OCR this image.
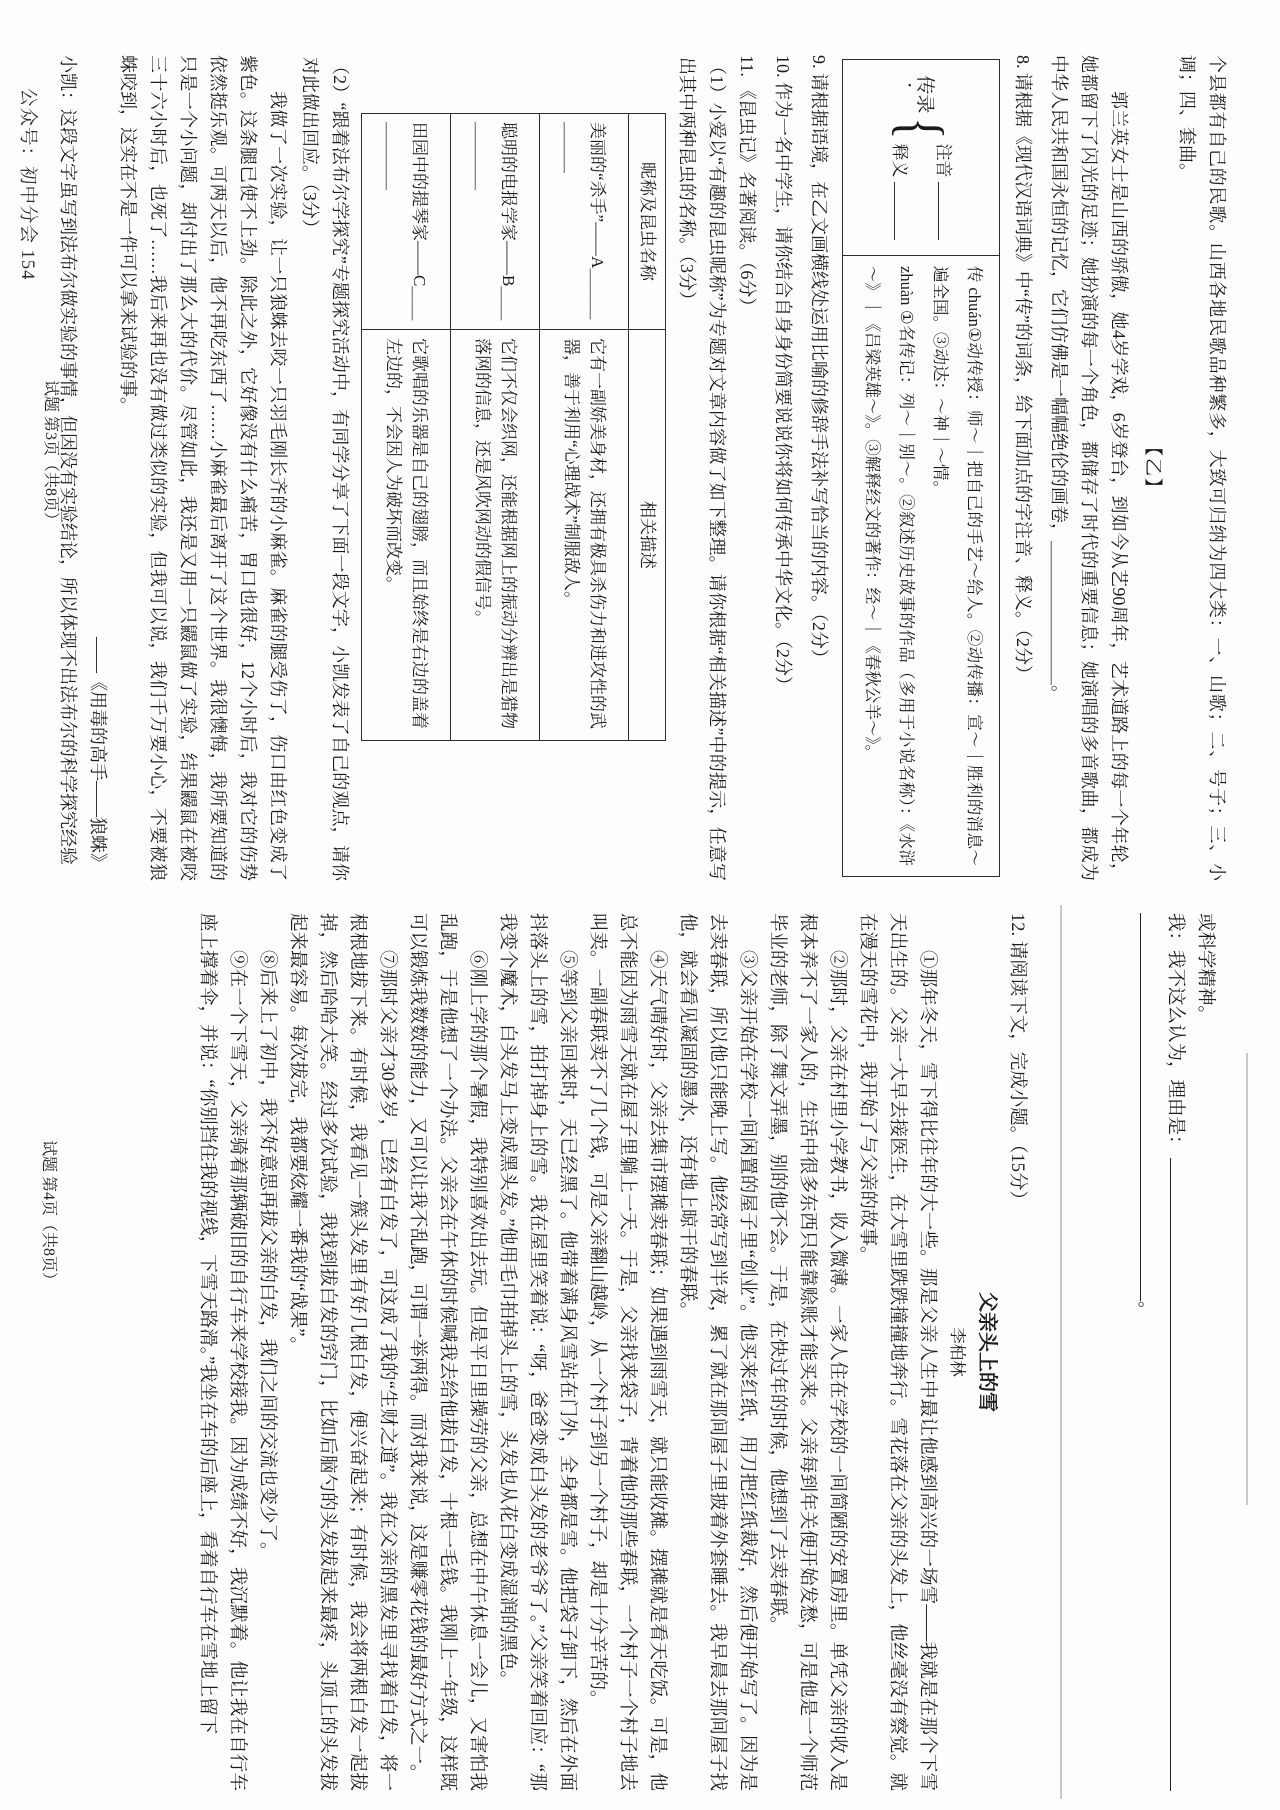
个县都有自己的民歌。山西各地民歌品种繁多，大致可归纳为四大类：一、山歌；二、号子；三、小调；四、套曲。

【乙】

郭兰英女士是山西的骄傲，她4岁学戏，6岁登台，到如今从艺90周年，艺术道路上的每一个年轮，她都留下了闪光的足迹；她扮演的每一个角色，都储存了时代的重要信息；她演唱的多首歌曲，都成为中华人民共和国永恒的记忆，它们仿佛是一幅幅绝伦的画卷，＿＿＿＿＿＿＿＿。

8. 请根据《现代汉语词典》中“传”的词条，给下面加点的字注音、释义。（2分）

传录
{
注音
释义

传 chuán①动传授：师～｜把自己的手艺～给人。②动传播：宣～｜胜利的消息～遍全国。③动达：～神｜～情。

zhuàn ①名传记：列～｜别～。②叙述历史故事的作品（多用于小说名称）：《水浒～》｜《吕梁英雄～》。③解释经文的著作：经～｜《春秋公羊～》。

9. 请根据语境，在乙文画横线处运用比喻的修辞手法补写恰当的内容。（2分）

10. 作为一名中学生，请你结合自身身份简要说说你将如何传承中华文化。（2分）

11. 《昆虫记》名著阅读。（6分）

（1）小爱以“有趣的昆虫昵称”为专题对文章内容做了如下整理。请你根据“相关描述”中的提示，任意写出其中两种昆虫的名称。（3分）

昵称及昆虫名称	相关描述
美丽的“杀手”——A＿＿＿＿＿＿	它有一副娇美身材，还拥有极具杀伤力和进攻性的武器，善于利用“心理战术”制服敌人。
聪明的电报学家——B＿＿＿＿＿＿	它们不仅会织网，还能根据网上的振动分辨出是猎物落网的信息，还是风吹网动的假信号。
田园中的提琴家——C＿＿＿＿＿＿	它歌唱的乐器是自己的翅膀，而且始终是右边的盖着左边的，不会因人为破坏而改变。

（2）“跟着法布尔学探究”专题探究活动中，有同学分享了下面一段文字，小凯发表了自己的观点，请你对此做出回应。（3分）

我做了一次实验，让一只狼蛛去咬一只羽毛刚长齐的小麻雀。麻雀的腿受伤了，伤口由红色变成了紫色。这条腿已使不上劲。除此之外，它好像没有什么痛苦，胃口也很好，12个小时后，我对它的伤势依然挺乐观。可两天以后，他不再吃东西了……小麻雀最后离开了这个世界。我很懊悔，我所要知道的只是一个小问题，却付出了那么大的代价。尽管如此，我还是又用一只鼹鼠做了实验，结果鼹鼠在被咬三十六小时后，也死了……我后来再也没有做过类似的实验，但我可以说，我们千万要小心，不要被狼蛛咬到，这实在不是一件可以拿来试验的事。

——《用毒的高手——狼蛛》

小凯：这段文字虽写到法布尔做实验的事情，但因没有实验结论，所以体现不出法布尔的科学探究经验

公众号：初中分会 154
试题 第3页（共8页）

或科学精神。

我：我不这么认为，理由是：
。

12. 请阅读下文，完成小题。（15分）

父亲头上的雪

李柏林

①那年冬天，雪下得比往年的大一些。那是父亲人生中最让他感到高兴的一场雪——我就是在那个下雪天出生的。父亲一大早去接医生，在大雪里跌跌撞撞地奔行。雪花落在父亲的头发上，他丝毫没有察觉。就在漫天的雪花中，我开始了与父亲的故事。

②那时，父亲在村里小学教书，收入微薄。一家人住在学校的一间简陋的安置房里。单凭父亲的收入是根本养不了一家人的，生活中很多东西只能靠赊账才能买来。父亲每到年关便开始发愁，可是他是一个师范毕业的老师，除了舞文弄墨，别的他不会。于是，在快过年的时候，他想到了去卖春联。

③父亲开始在学校一间闲置的屋子里“创业”。他买来红纸，用刀把红纸裁好，然后便开始写了。因为是去卖春联，所以他只能晚上写。他经常写到半夜，累了就在那间屋子里披着外套睡去。我早晨去那间屋子找他，就会看见凝固的墨水，还有地上晾干的春联。

④天气晴好时，父亲去集市摆摊卖春联；如果遇到雨雪天，就只能收摊。摆摊就是看天吃饭。可是，他总不能因为雨雪天就在屋子里躺上一天。于是，父亲找来袋子，背着他的那些春联，一个村子一个村子地去叫卖。一副春联卖不了几个钱，可是父亲翻山越岭，从一个村子到另一个村子，却是十分辛苦的。

⑤等到父亲回来时，天已经黑了。他带着满身风雪站在门外，全身都是雪。他把袋子卸下，然后在外面抖落头上的雪，拍打掉身上的雪。我在屋里笑着说：“呀，爸爸变成白头发的老爷爷了。”父亲笑着回应：“那我变个魔术，白头发马上变成黑头发。”他用毛巾拍掉头上的雪，头发也从花白变成湿润的黑色。

⑥刚上学的那个暑假，我特别喜欢出去玩。但是平日里操劳的父亲，总想在中午休息一会儿，又害怕我乱跑，于是他想了一个办法。父亲会在午休的时候喊我去给他拔白发，十根一毛钱。我刚上一年级，这样既可以锻炼我数数的能力，又可以让我不乱跑，可谓一举两得。而对我来说，这是赚零花钱的最好方式之一。

⑦那时父亲才30多岁，已经有白发了，可这成了我的“生财之道”。我在父亲的黑发里寻找着白发，将一根根地拔下来。有时候，我看见一簇头发里有好几根白发，便兴奋起来；有时候，我会将两根白发一起拔掉，然后哈哈大笑。经过多次试验，我找到拔白发的窍门，比如后脑勺的头发拔起来最疼，头顶上的头发拔起来最容易。每次拔完，我都要炫耀一番我的“战果”。

⑧后来上了初中，我不好意思再拔父亲的白发，我们之间的交流也变少了。

⑨在一个下雪天，父亲骑着那辆破旧的自行车来学校接我。因为成绩不好，我沉默着。他让我在自行车座上撑着伞，并说：“你别挡住我的视线，下雪天路滑。”我坐在车的后座上，看着自行车在雪地上留下

试题 第4页（共8页）
